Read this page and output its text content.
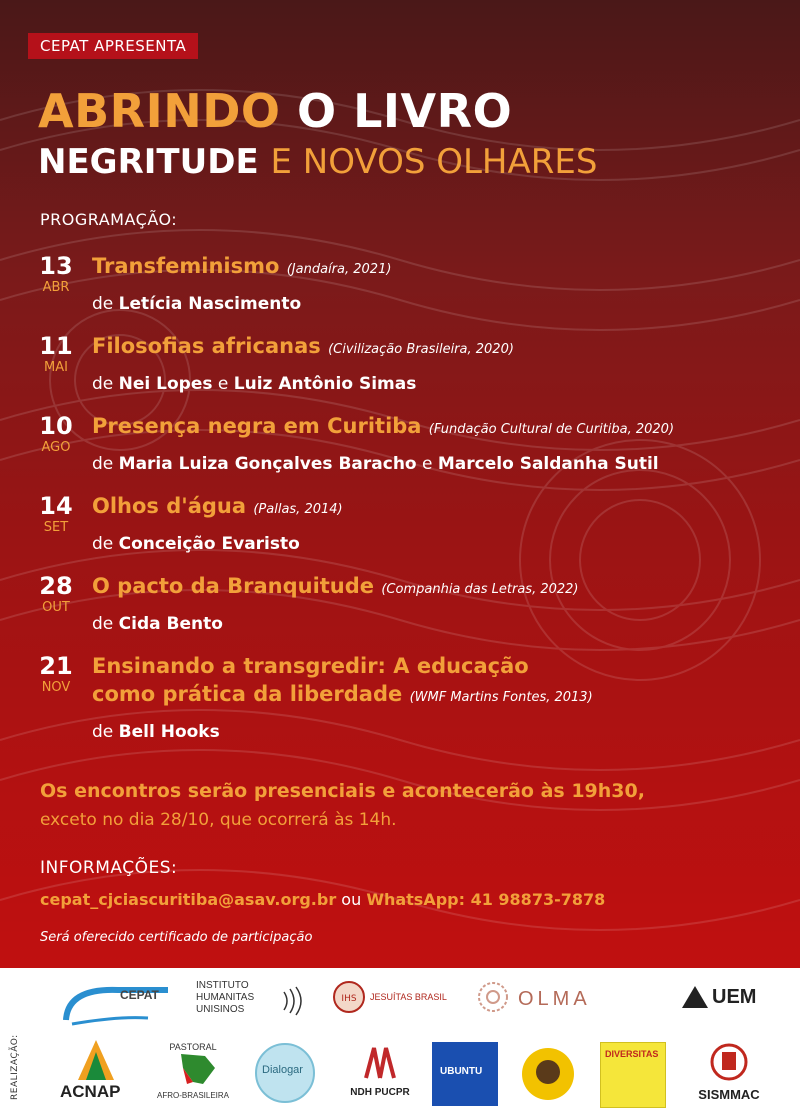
CEPAT APRESENTA
ABRINDO O LIVRO
NEGRITUDE E NOVOS OLHARES
PROGRAMAÇÃO:
13
ABR
Transfeminismo (Jandaíra, 2021)
de Letícia Nascimento
11
MAI
Filosofias africanas (Civilização Brasileira, 2020)
de Nei Lopes e Luiz Antônio Simas
10
AGO
Presença negra em Curitiba (Fundação Cultural de Curitiba, 2020)
de Maria Luiza Gonçalves Baracho e Marcelo Saldanha Sutil
14
SET
Olhos d'água (Pallas, 2014)
de Conceição Evaristo
28
OUT
O pacto da Branquitude (Companhia das Letras, 2022)
de Cida Bento
21
NOV
Ensinando a transgredir: A educação
como prática da liberdade (WMF Martins Fontes, 2013)
de Bell Hooks
Os encontros serão presenciais e acontecerão às 19h30,
exceto no dia 28/10, que ocorrerá às 14h.
INFORMAÇÕES:
cepat_cjciascuritiba@asav.org.br ou WhatsApp: 41 98873-7878
Será oferecido certificado de participação
REALIZAÇÃO:
CEPAT
INSTITUTO
HUMANITAS
UNISINOS
IHS JESUÍTAS BRASIL	OLMA	UEM
ACNAP
PASTORAL
AFRO-BRASILEIRA
Dialogar
NDH PUCPR
UBUNTU
DIVERSITAS
SISMMAC
